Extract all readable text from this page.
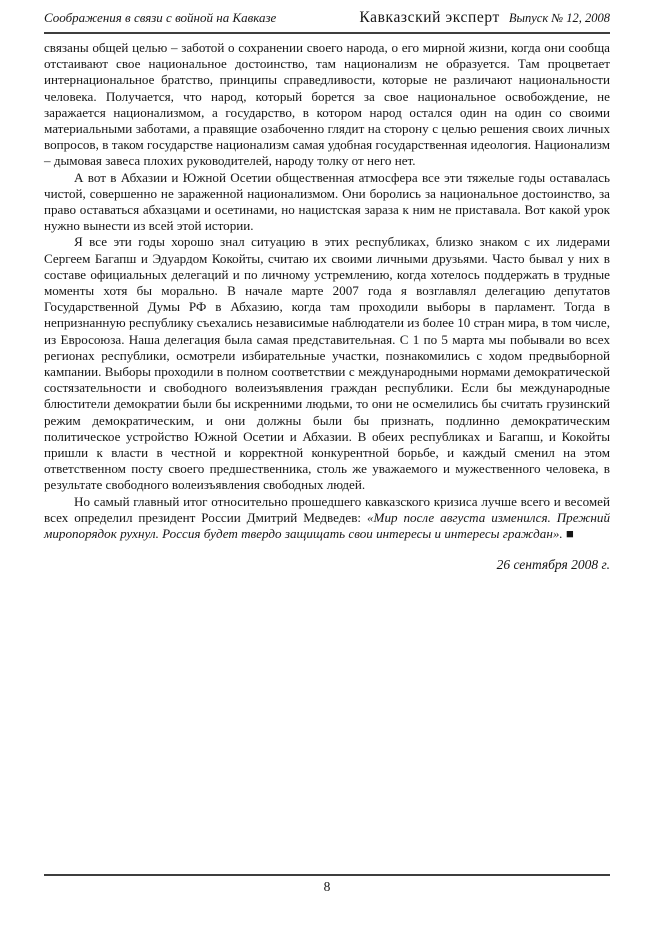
Соображения в связи с войной на Кавказе	Кавказский эксперт Выпуск № 12, 2008

связаны общей целью – заботой о сохранении своего народа, о его мирной жизни, когда они сообща отстаивают свое национальное достоинство, там национализм не образуется. Там процветает интернациональное братство, принципы справедливости, которые не различают национальности человека. Получается, что народ, который борется за свое национальное освобождение, не заражается национализмом, а государство, в котором народ остался один на один со своими материальными заботами, а правящие озабоченно глядит на сторону с целью решения своих личных вопросов, в таком государстве национализм самая удобная государственная идеология. Национализм – дымовая завеса плохих руководителей, народу толку от него нет.

А вот в Абхазии и Южной Осетии общественная атмосфера все эти тяжелые годы оставалась чистой, совершенно не зараженной национализмом. Они боролись за национальное достоинство, за право оставаться абхазцами и осетинами, но нацистская зараза к ним не приставала. Вот какой урок нужно вынести из всей этой истории.

Я все эти годы хорошо знал ситуацию в этих республиках, близко знаком с их лидерами Сергеем Багапш и Эдуардом Кокойты, считаю их своими личными друзьями. Часто бывал у них в составе официальных делегаций и по личному устремлению, когда хотелось поддержать в трудные моменты хотя бы морально. В начале марте 2007 года я возглавлял делегацию депутатов Государственной Думы РФ в Абхазию, когда там проходили выборы в парламент. Тогда в непризнанную республику съехались независимые наблюдатели из более 10 стран мира, в том числе, из Евросоюза. Наша делегация была самая представительная. С 1 по 5 марта мы побывали во всех регионах республики, осмотрели избирательные участки, познакомились с ходом предвыборной кампании. Выборы проходили в полном соответствии с международными нормами демократической состязательности и свободного волеизъявления граждан республики. Если бы международные блюстители демократии были бы искренними людьми, то они не осмелились бы считать грузинский режим демократическим, и они должны были бы признать, подлинно демократическим политическое устройство Южной Осетии и Абхазии. В обеих республиках и Багапш, и Кокойты пришли к власти в честной и корректной конкурентной борьбе, и каждый сменил на этом ответственном посту своего предшественника, столь же уважаемого и мужественного человека, в результате свободного волеизъявления свободных людей.

Но самый главный итог относительно прошедшего кавказского кризиса лучше всего и весомей всех определил президент России Дмитрий Медведев: «Мир после августа изменился. Прежний миропорядок рухнул. Россия будет твердо защищать свои интересы и интересы граждан». ■

26 сентября 2008 г.

8
